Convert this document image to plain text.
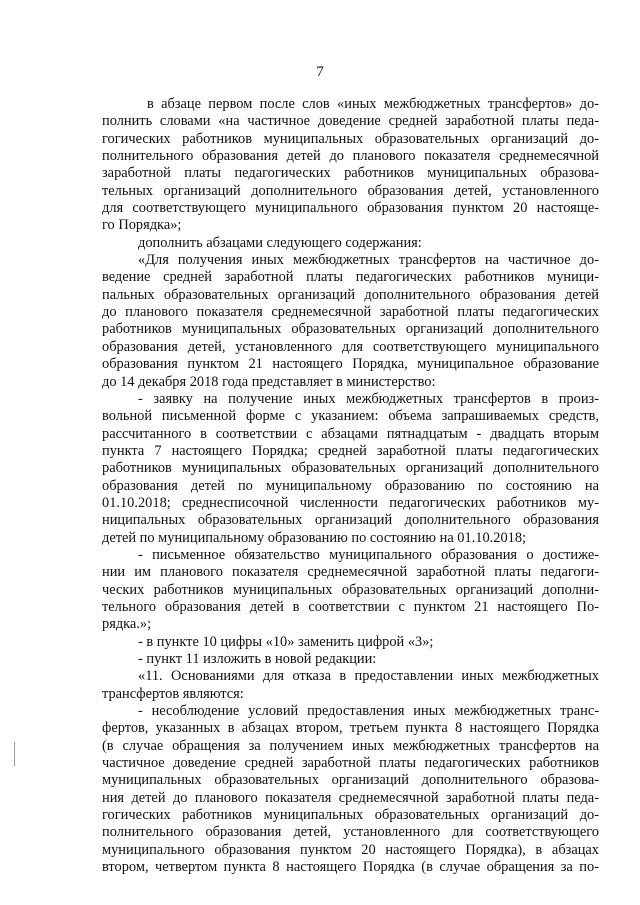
7
в абзаце первом после слов «иных межбюджетных трансфертов» до-
полнить словами «на частичное доведение средней заработной платы педа-
гогических работников муниципальных образовательных организаций до-
полнительного образования детей до планового показателя среднемесячной
заработной платы педагогических работников муниципальных образова-
тельных организаций дополнительного образования детей, установленного
для соответствующего муниципального образования пунктом 20 настояще-
го Порядка»;
дополнить абзацами следующего содержания:
«Для получения иных межбюджетных трансфертов на частичное до-
ведение средней заработной платы педагогических работников муници-
пальных образовательных организаций дополнительного образования детей
до планового показателя среднемесячной заработной платы педагогических
работников муниципальных образовательных организаций дополнительного
образования детей, установленного для соответствующего муниципального
образования пунктом 21 настоящего Порядка, муниципальное образование
до 14 декабря 2018 года представляет в министерство:
- заявку на получение иных межбюджетных трансфертов в произ-
вольной письменной форме с указанием: объема запрашиваемых средств,
рассчитанного в соответствии с абзацами пятнадцатым - двадцать вторым
пункта 7 настоящего Порядка; средней заработной платы педагогических
работников муниципальных образовательных организаций дополнительного
образования детей по муниципальному образованию по состоянию на
01.10.2018; среднесписочной численности педагогических работников му-
ниципальных образовательных организаций дополнительного образования
детей по муниципальному образованию по состоянию на 01.10.2018;
- письменное обязательство муниципального образования о достиже-
нии им планового показателя среднемесячной заработной платы педагоги-
ческих работников муниципальных образовательных организаций дополни-
тельного образования детей в соответствии с пунктом 21 настоящего По-
рядка.»;
- в пункте 10 цифры «10» заменить цифрой «3»;
- пункт 11 изложить в новой редакции:
«11. Основаниями для отказа в предоставлении иных межбюджетных
трансфертов являются:
- несоблюдение условий предоставления иных межбюджетных транс-
фертов, указанных в абзацах втором, третьем пункта 8 настоящего Порядка
(в случае обращения за получением иных межбюджетных трансфертов на
частичное доведение средней заработной платы педагогических работников
муниципальных образовательных организаций дополнительного образова-
ния детей до планового показателя среднемесячной заработной платы педа-
гогических работников муниципальных образовательных организаций до-
полнительного образования детей, установленного для соответствующего
муниципального образования пунктом 20 настоящего Порядка), в абзацах
втором, четвертом пункта 8 настоящего Порядка (в случае обращения за по-
